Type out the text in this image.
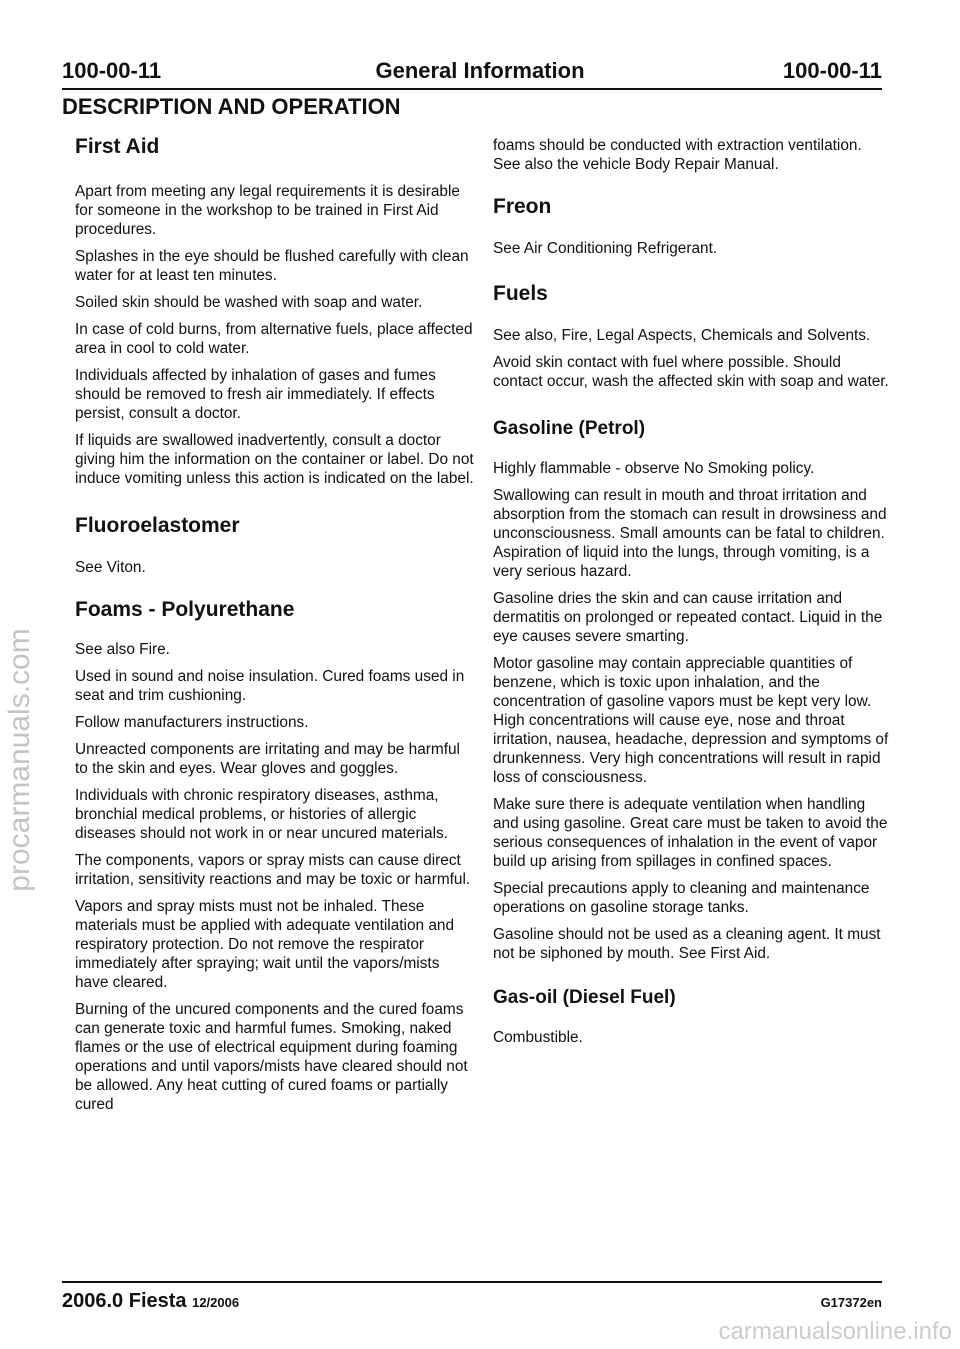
100-00-11	General Information	100-00-11
DESCRIPTION AND OPERATION
First Aid

Apart from meeting any legal requirements it is desirable for someone in the workshop to be trained in First Aid procedures.

Splashes in the eye should be flushed carefully with clean water for at least ten minutes.

Soiled skin should be washed with soap and water.

In case of cold burns, from alternative fuels, place affected area in cool to cold water.

Individuals affected by inhalation of gases and fumes should be removed to fresh air immediately. If effects persist, consult a doctor.

If liquids are swallowed inadvertently, consult a doctor giving him the information on the container or label. Do not induce vomiting unless this action is indicated on the label.

Fluoroelastomer

See Viton.

Foams - Polyurethane

See also Fire.

Used in sound and noise insulation. Cured foams used in seat and trim cushioning.

Follow manufacturers instructions.

Unreacted components are irritating and may be harmful to the skin and eyes. Wear gloves and goggles.

Individuals with chronic respiratory diseases, asthma, bronchial medical problems, or histories of allergic diseases should not work in or near uncured materials.

The components, vapors or spray mists can cause direct irritation, sensitivity reactions and may be toxic or harmful.

Vapors and spray mists must not be inhaled. These materials must be applied with adequate ventilation and respiratory protection. Do not remove the respirator immediately after spraying; wait until the vapors/mists have cleared.

Burning of the uncured components and the cured foams can generate toxic and harmful fumes. Smoking, naked flames or the use of electrical equipment during foaming operations and until vapors/mists have cleared should not be allowed. Any heat cutting of cured foams or partially cured

foams should be conducted with extraction ventilation. See also the vehicle Body Repair Manual.

Freon

See Air Conditioning Refrigerant.

Fuels

See also, Fire, Legal Aspects, Chemicals and Solvents.

Avoid skin contact with fuel where possible. Should contact occur, wash the affected skin with soap and water.

Gasoline (Petrol)

Highly flammable - observe No Smoking policy.

Swallowing can result in mouth and throat irritation and absorption from the stomach can result in drowsiness and unconsciousness. Small amounts can be fatal to children. Aspiration of liquid into the lungs, through vomiting, is a very serious hazard.

Gasoline dries the skin and can cause irritation and dermatitis on prolonged or repeated contact. Liquid in the eye causes severe smarting.

Motor gasoline may contain appreciable quantities of benzene, which is toxic upon inhalation, and the concentration of gasoline vapors must be kept very low. High concentrations will cause eye, nose and throat irritation, nausea, headache, depression and symptoms of drunkenness. Very high concentrations will result in rapid loss of consciousness.

Make sure there is adequate ventilation when handling and using gasoline. Great care must be taken to avoid the serious consequences of inhalation in the event of vapor build up arising from spillages in confined spaces.

Special precautions apply to cleaning and maintenance operations on gasoline storage tanks.

Gasoline should not be used as a cleaning agent. It must not be siphoned by mouth. See First Aid.

Gas-oil (Diesel Fuel)

Combustible.

2006.0 Fiesta 12/2006	G17372en
procarmanuals.com
carmanualsonline.info
